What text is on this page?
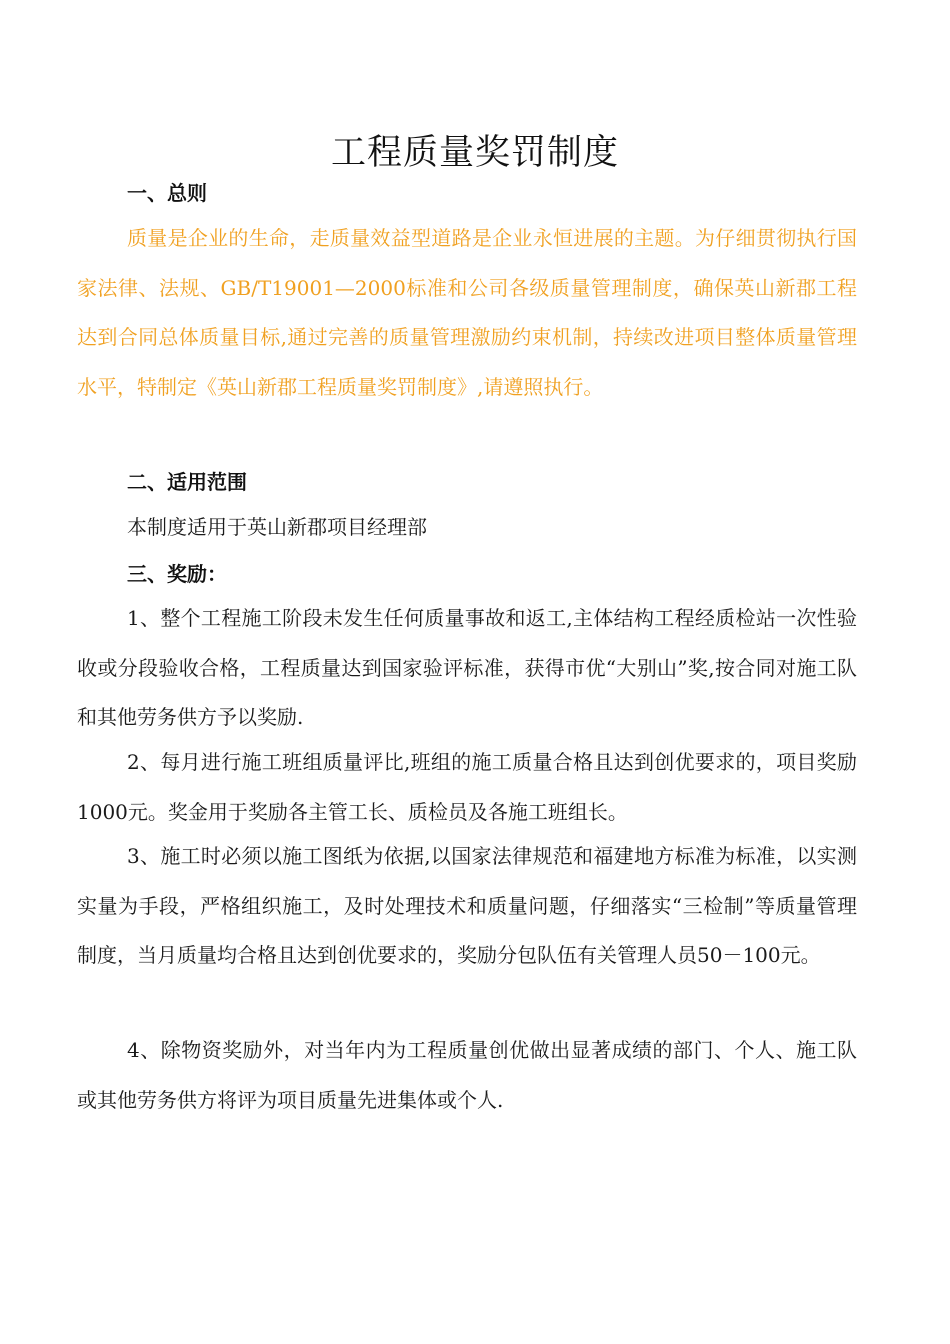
工程质量奖罚制度
一、总则

质量是企业的生命，走质量效益型道路是企业永恒进展的主题。为仔细贯彻执行国家法律、法规、GB/T19001—2000标准和公司各级质量管理制度，确保英山新郡工程达到合同总体质量目标,通过完善的质量管理激励约束机制，持续改进项目整体质量管理水平，特制定《英山新郡工程质量奖罚制度》,请遵照执行。

二、适用范围

本制度适用于英山新郡项目经理部

三、奖励：

1、整个工程施工阶段未发生任何质量事故和返工,主体结构工程经质检站一次性验收或分段验收合格，工程质量达到国家验评标准，获得市优“大别山”奖,按合同对施工队和其他劳务供方予以奖励.

2、每月进行施工班组质量评比,班组的施工质量合格且达到创优要求的，项目奖励1000元。奖金用于奖励各主管工长、质检员及各施工班组长。

3、施工时必须以施工图纸为依据,以国家法律规范和福建地方标准为标准，以实测实量为手段，严格组织施工，及时处理技术和质量问题，仔细落实“三检制”等质量管理制度，当月质量均合格且达到创优要求的，奖励分包队伍有关管理人员50－100元。

4、除物资奖励外，对当年内为工程质量创优做出显著成绩的部门、个人、施工队或其他劳务供方将评为项目质量先进集体或个人.
